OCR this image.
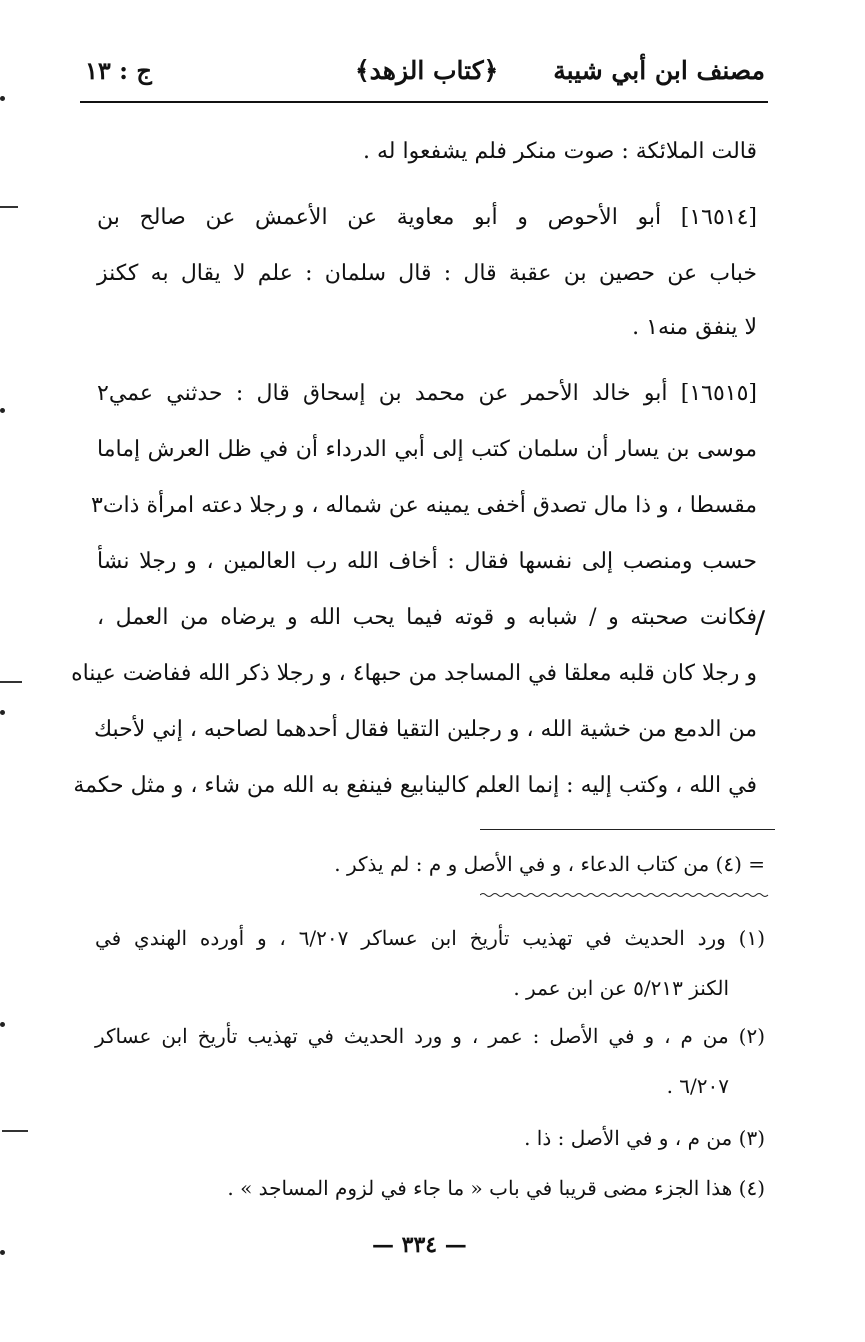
مصنف ابن أبي شيبة
﴿كتاب الزهد﴾
ج : ١٣
قالت الملائكة : صوت منكر فلم يشفعوا له .
[١٦٥١٤] أبو الأحوص و أبو معاوية عن الأعمش عن صالح بن
خباب عن حصين بن عقبة قال : قال سلمان : علم لا يقال به ككنز
لا ينفق منه١ .
[١٦٥١٥] أبو خالد الأحمر عن محمد بن إسحاق قال : حدثني عمي٢
موسى بن يسار أن سلمان كتب إلى أبي الدرداء أن في ظل العرش إماما
مقسطا ، و ذا مال تصدق أخفى يمينه عن شماله ، و رجلا دعته امرأة ذات٣
حسب ومنصب إلى نفسها فقال : أخاف الله رب العالمين ، و رجلا نشأ
فكانت صحبته و / شبابه و قوته فيما يحب الله و يرضاه من العمل ،
و رجلا كان قلبه معلقا في المساجد من حبها٤ ، و رجلا ذكر الله ففاضت عيناه
من الدمع من خشية الله ، و رجلين التقيا فقال أحدهما لصاحبه ، إني لأحبك
في الله ، وكتب إليه : إنما العلم كالينابيع فينفع به الله من شاء ، و مثل حكمة
/
= (٤) من كتاب الدعاء ، و في الأصل و م : لم يذكر .
(١) ورد الحديث في تهذيب تأريخ ابن عساكر ٦/٢٠٧ ، و أورده الهندي في
الكنز ٥/٢١٣ عن ابن عمر .
(٢) من م ، و في الأصل : عمر ، و ورد الحديث في تهذيب تأريخ ابن عساكر
٦/٢٠٧ .
(٣) من م ، و في الأصل : ذا .
(٤) هذا الجزء مضى قريبا في باب « ما جاء في لزوم المساجد » .
— ٣٣٤ —
